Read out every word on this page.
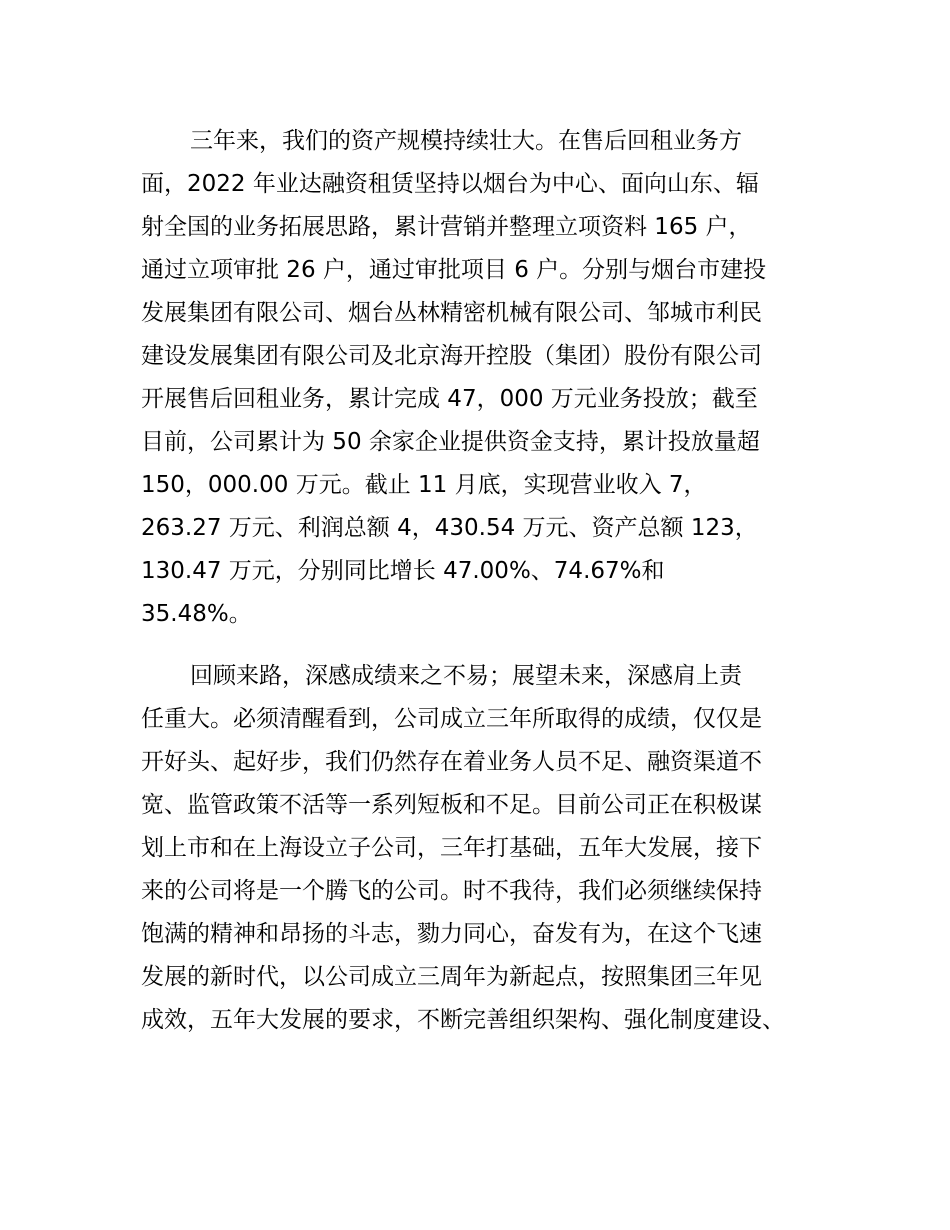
三年来，我们的资产规模持续壮大。在售后回租业务方
面，2022 年业达融资租赁坚持以烟台为中心、面向山东、辐
射全国的业务拓展思路，累计营销并整理立项资料 165 户，
通过立项审批 26 户，通过审批项目 6 户。分别与烟台市建投
发展集团有限公司、烟台丛林精密机械有限公司、邹城市利民
建设发展集团有限公司及北京海开控股（集团）股份有限公司
开展售后回租业务，累计完成 47，000 万元业务投放；截至
目前，公司累计为 50 余家企业提供资金支持，累计投放量超
150，000.00 万元。截止 11 月底，实现营业收入 7，
263.27 万元、利润总额 4，430.54 万元、资产总额 123，
130.47 万元，分别同比增长 47.00%、74.67%和
35.48%。
回顾来路，深感成绩来之不易；展望未来，深感肩上责
任重大。必须清醒看到，公司成立三年所取得的成绩，仅仅是
开好头、起好步，我们仍然存在着业务人员不足、融资渠道不
宽、监管政策不活等一系列短板和不足。目前公司正在积极谋
划上市和在上海设立子公司，三年打基础，五年大发展，接下
来的公司将是一个腾飞的公司。时不我待，我们必须继续保持
饱满的精神和昂扬的斗志，勠力同心，奋发有为，在这个飞速
发展的新时代，以公司成立三周年为新起点，按照集团三年见
成效，五年大发展的要求，不断完善组织架构、强化制度建设、
